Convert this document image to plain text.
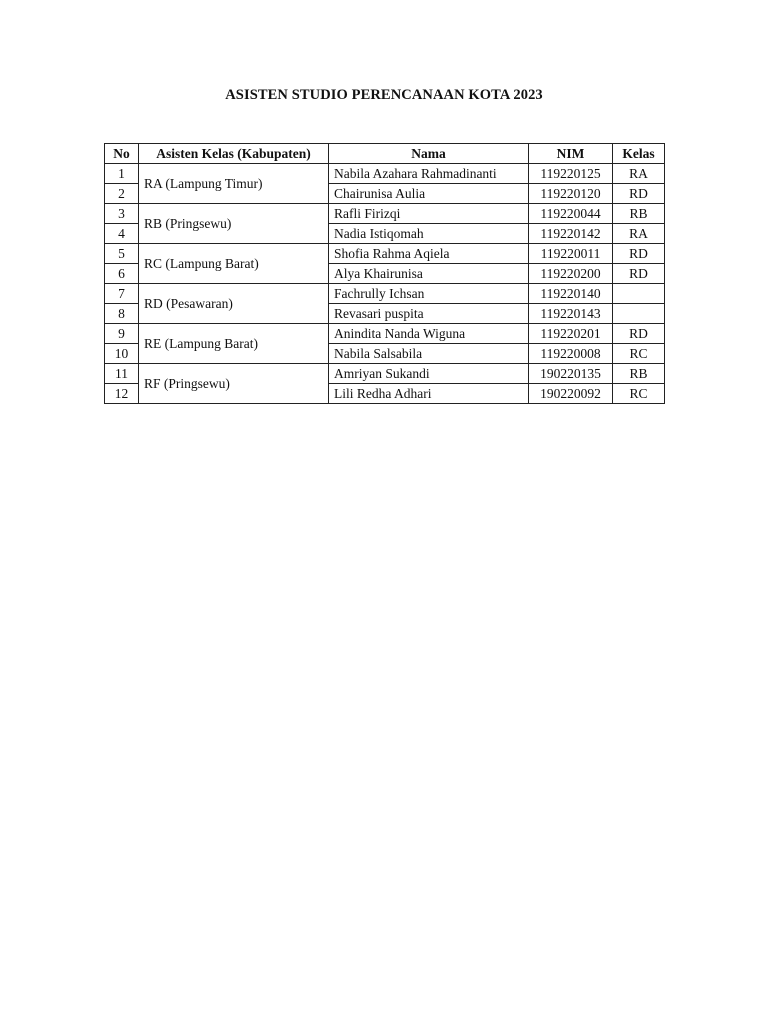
ASISTEN STUDIO PERENCANAAN KOTA 2023
No	Asisten Kelas (Kabupaten)	Nama	NIM	Kelas
1	RA (Lampung Timur)	Nabila Azahara Rahmadinanti	119220125	RA
2		Chairunisa Aulia	119220120	RD
3	RB (Pringsewu)	Rafli Firizqi	119220044	RB
4		Nadia Istiqomah	119220142	RA
5	RC (Lampung Barat)	Shofia Rahma Aqiela	119220011	RD
6		Alya Khairunisa	119220200	RD
7	RD (Pesawaran)	Fachrully Ichsan	119220140	
8		Revasari puspita	119220143	
9	RE (Lampung Barat)	Anindita Nanda Wiguna	119220201	RD
10		Nabila Salsabila	119220008	RC
11	RF (Pringsewu)	Amriyan Sukandi	190220135	RB
12		Lili Redha Adhari	190220092	RC
